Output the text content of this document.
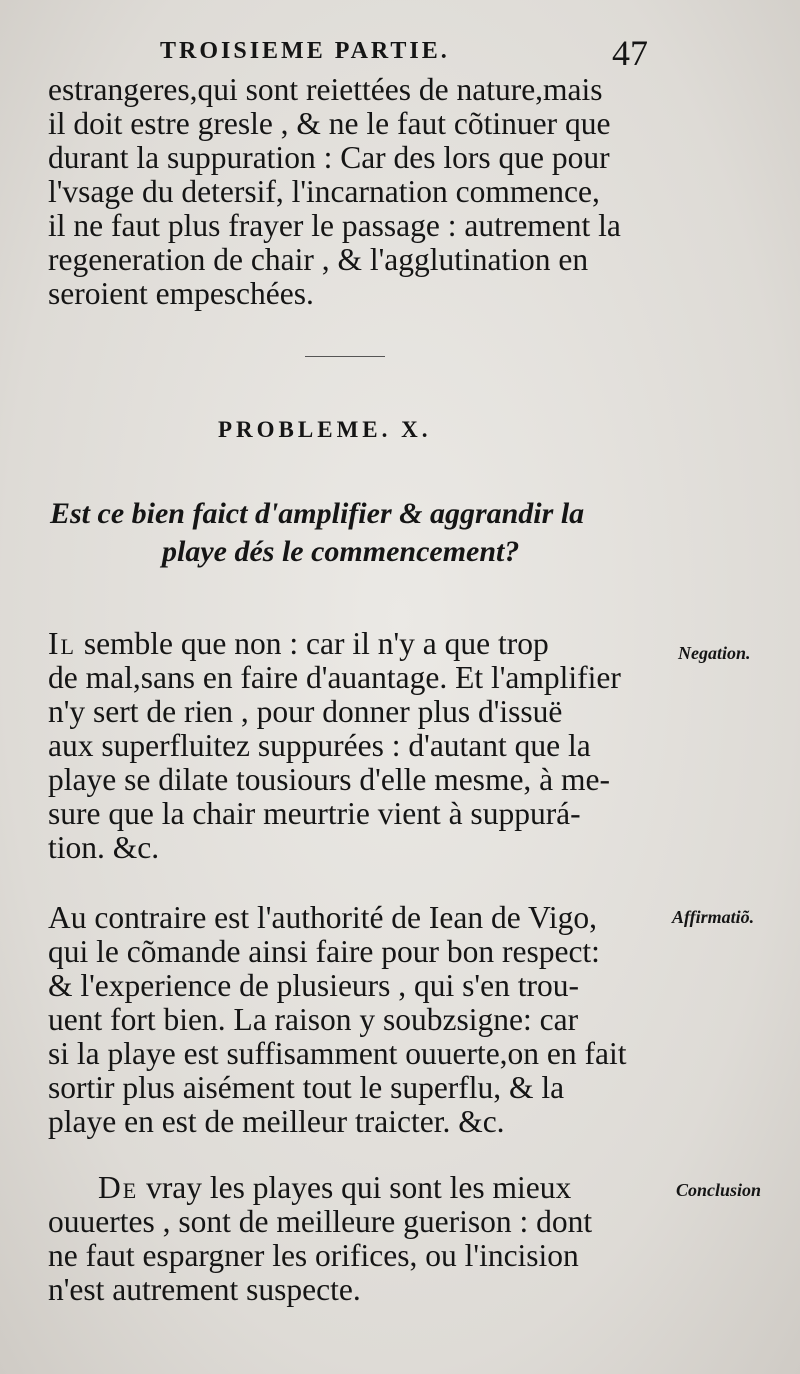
TROISIEME PARTIE.	47
estrangeres,qui sont reiettées de nature,mais
il doit estre gresle , & ne le faut cõtinuer que
durant la suppuration : Car des lors que pour
l'vsage du detersif, l'incarnation commence,
il ne faut plus frayer le passage : autrement la
regeneration de chair , & l'agglutination en
seroient empeschées.
PROBLEME. X.
Est ce bien faict d'amplifier & aggrandir la
playe dés le commencement?
Il semble que non : car il n'y a que trop
de mal,sans en faire d'auantage. Et l'amplifier
n'y sert de rien , pour donner plus d'issuë
aux superfluitez suppurées : d'autant que la
playe se dilate tousiours d'elle mesme, à me-
sure que la chair meurtrie vient à suppurá-
tion. &c.
Au contraire est l'authorité de Iean de Vigo,
qui le cõmande ainsi faire pour bon respect:
& l'experience de plusieurs , qui s'en trou-
uent fort bien. La raison y soubzsigne: car
si la playe est suffisamment ouuerte,on en fait
sortir plus aisément tout le superflu, & la
playe en est de meilleur traicter. &c.
De vray les playes qui sont les mieux
ouuertes , sont de meilleure guerison : dont
ne faut espargner les orifices, ou l'incision
n'est autrement suspecte.
Negation.
Affirmatiõ.
Conclusion
